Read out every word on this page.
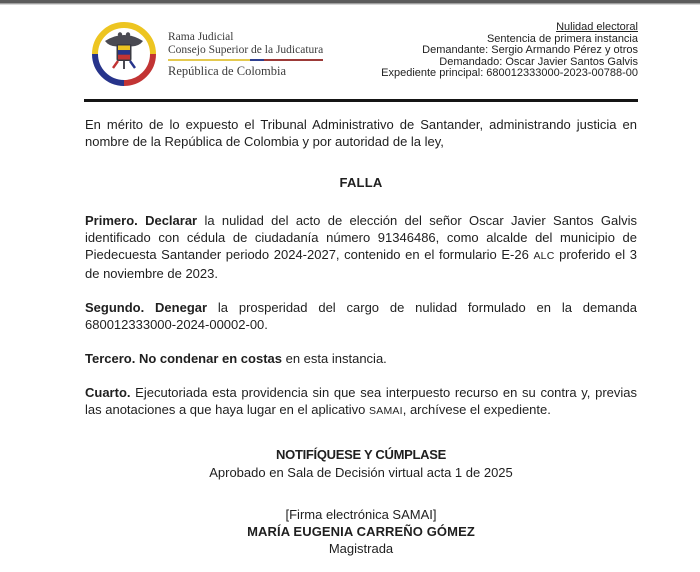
Rama Judicial
Consejo Superior de la Judicatura
República de Colombia
Nulidad electoral
Sentencia de primera instancia
Demandante: Sergio Armando Pérez y otros
Demandado: Oscar Javier Santos Galvis
Expediente principal: 680012333000-2023-00788-00

En mérito de lo expuesto el Tribunal Administrativo de Santander, administrando justicia en nombre de la República de Colombia y por autoridad de la ley,

FALLA

Primero. Declarar la nulidad del acto de elección del señor Oscar Javier Santos Galvis identificado con cédula de ciudadanía número 91346486, como alcalde del municipio de Piedecuesta Santander periodo 2024-2027, contenido en el formulario E-26 ALC proferido el 3 de noviembre de 2023.

Segundo. Denegar la prosperidad del cargo de nulidad formulado en la demanda 680012333000-2024-00002-00.

Tercero. No condenar en costas en esta instancia.

Cuarto. Ejecutoriada esta providencia sin que sea interpuesto recurso en su contra y, previas las anotaciones a que haya lugar en el aplicativo SAMAI, archívese el expediente.

NOTIFÍQUESE Y CÚMPLASE

Aprobado en Sala de Decisión virtual acta 1 de 2025

[Firma electrónica SAMAI]

MARÍA EUGENIA CARREÑO GÓMEZ

Magistrada
